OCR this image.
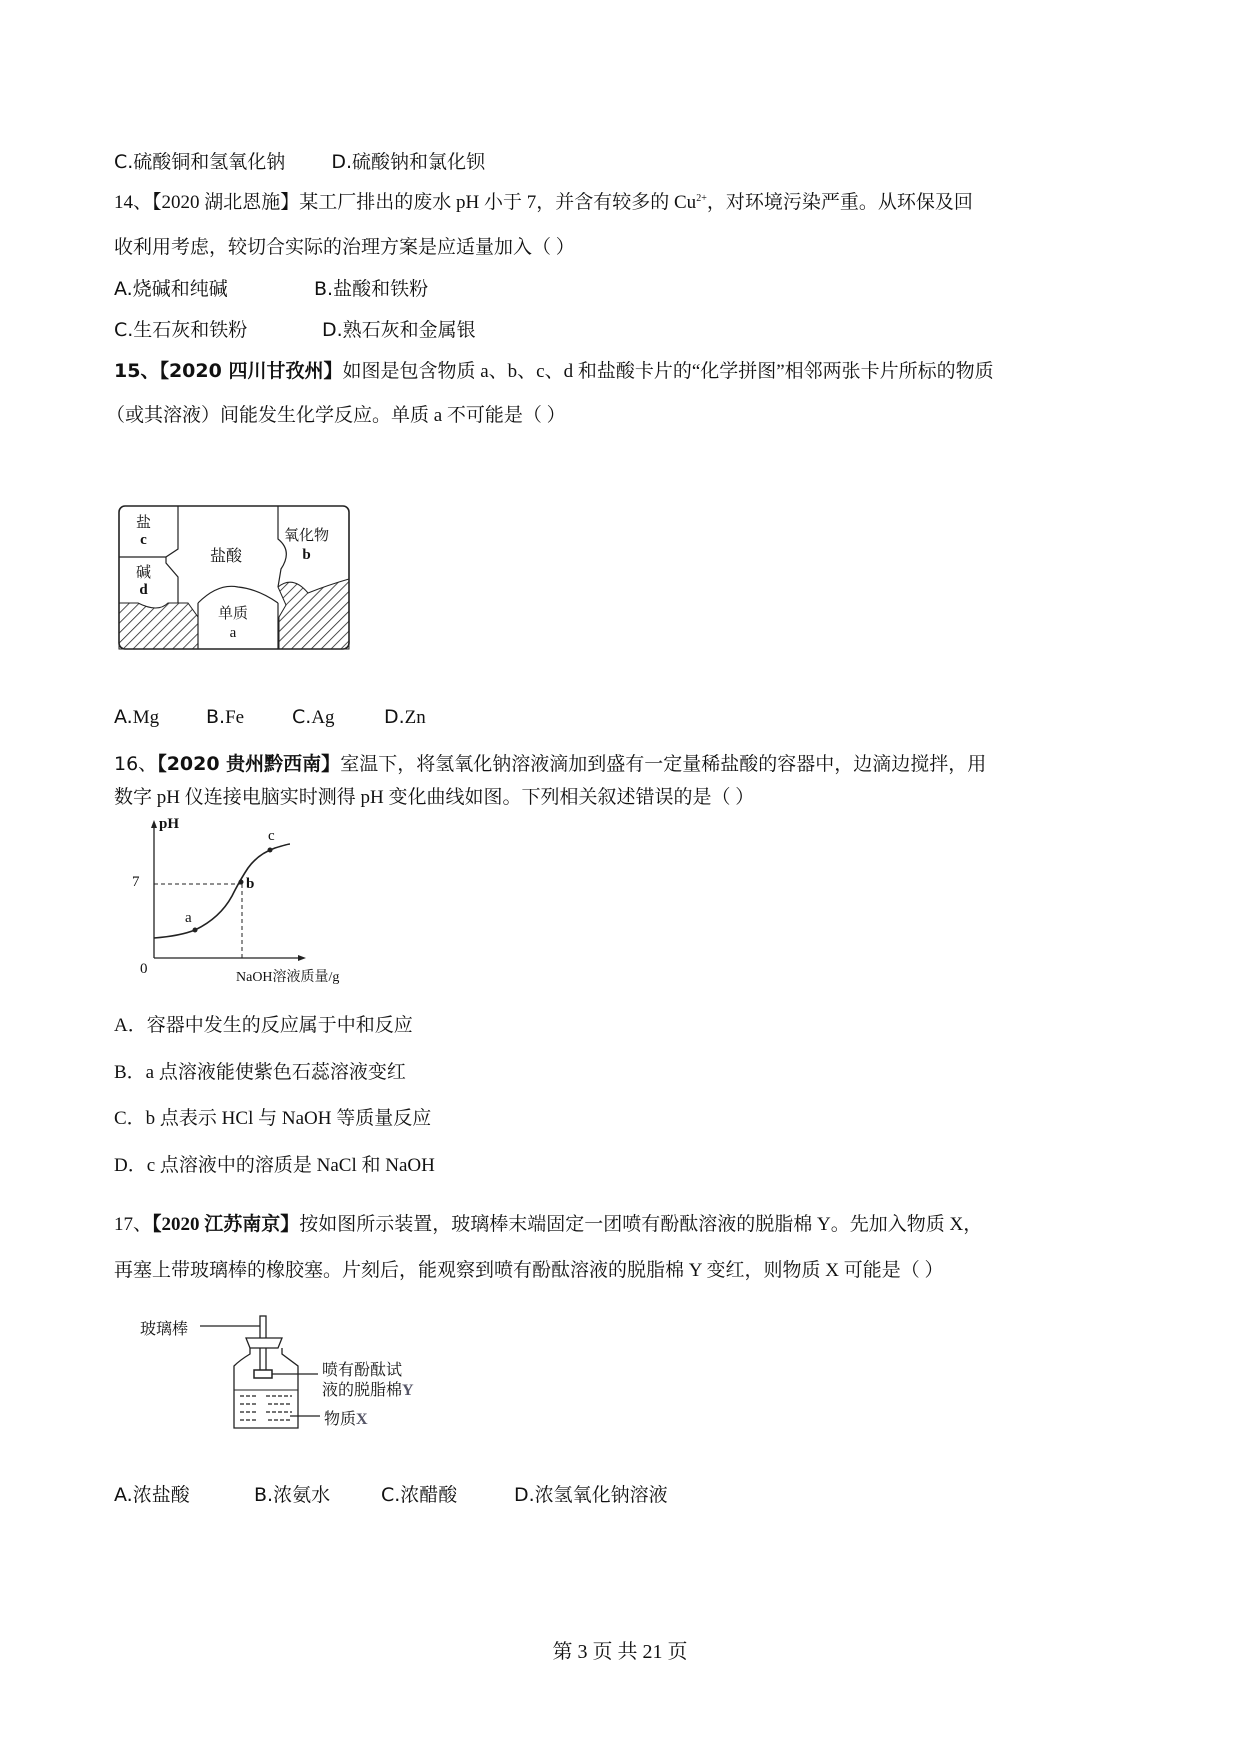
C.硫酸铜和氢氧化钠 D.硫酸钠和氯化钡
14、【2020 湖北恩施】某工厂排出的废水 pH 小于 7，并含有较多的 $Cu^{2+}$，对环境污染严重。从环保及回
收利用考虑，较切合实际的治理方案是应适量加入（ ）
A.烧碱和纯碱	B.盐酸和铁粉
C.生石灰和铁粉	D.熟石灰和金属银
15、【2020 四川甘孜州】如图是包含物质 a、b、c、d 和盐酸卡片的“化学拼图”相邻两张卡片所标的物质
（或其溶液）间能发生化学反应。单质 a 不可能是（ ）
盐
c
碱
d
盐酸
氧化物
b
单质
a
A.Mg B.Fe	C.Ag	D.Zn
16、【2020 贵州黔西南】室温下，将氢氧化钠溶液滴加到盛有一定量稀盐酸的容器中，边滴边搅拌，用
数字 pH 仪连接电脑实时测得 pH 变化曲线如图。下列相关叙述错误的是（ ）
pH
7
0
a
b
c
NaOH溶液质量/g
A．容器中发生的反应属于中和反应
B．a 点溶液能使紫色石蕊溶液变红
C．b 点表示 HCl 与 NaOH 等质量反应
D．c 点溶液中的溶质是 NaCl 和 NaOH
17、【2020 江苏南京】按如图所示装置，玻璃棒末端固定一团喷有酚酞溶液的脱脂棉 Y。先加入物质 X，
再塞上带玻璃棒的橡胶塞。片刻后，能观察到喷有酚酞溶液的脱脂棉 Y 变红，则物质 X 可能是（ ）
玻璃棒
喷有酚酞试
液的脱脂棉Y
物质X
A.浓盐酸	B.浓氨水	C.浓醋酸	D.浓氢氧化钠溶液
第 3 页 共 21 页
